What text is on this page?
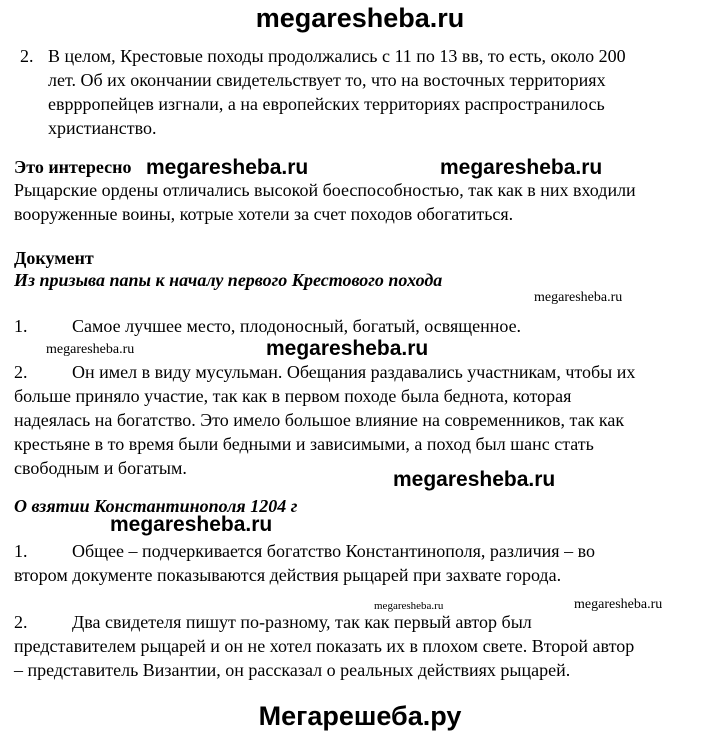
megaresheba.ru
2. В целом, Крестовые походы продолжались с 11 по 13 вв, то есть, около 200
лет. Об их окончании свидетельствует то, что на восточных территориях
евррропейцев изгнали, а на европейских территориях распространилось
христианство.
Это интересно megaresheba.ru	megaresheba.ru
Рыцарские ордены отличались высокой боеспособностью, так как в них входили
вооруженные воины, котрые хотели за счет походов обогатиться.
Документ
Из призыва папы к началу первого Крестового похода
megaresheba.ru
1. Самое лучшее место, плодоносный, богатый, освященное.
megaresheba.ru	megaresheba.ru
2.	Он имел в виду мусульман. Обещания раздавались участникам, чтобы их
больше приняло участие, так как в первом походе была беднота, которая
надеялась на богатство. Это имело большое влияние на современников, так как
крестьяне в то время были бедными и зависимыми, а поход был шанс стать
свободным и богатым.	megaresheba.ru
О взятии Константинополя 1204 г
megaresheba.ru
1.	Общее – подчеркивается богатство Константинополя, различия – во
втором документе показываются действия рыцарей при захвате города.
megaresheba.ru	megaresheba.ru
2.	Два свидетеля пишут по-разному, так как первый автор был
представителем рыцарей и он не хотел показать их в плохом свете. Второй автор
– представитель Византии, он рассказал о реальных действиях рыцарей.
Мегарешеба.ру
